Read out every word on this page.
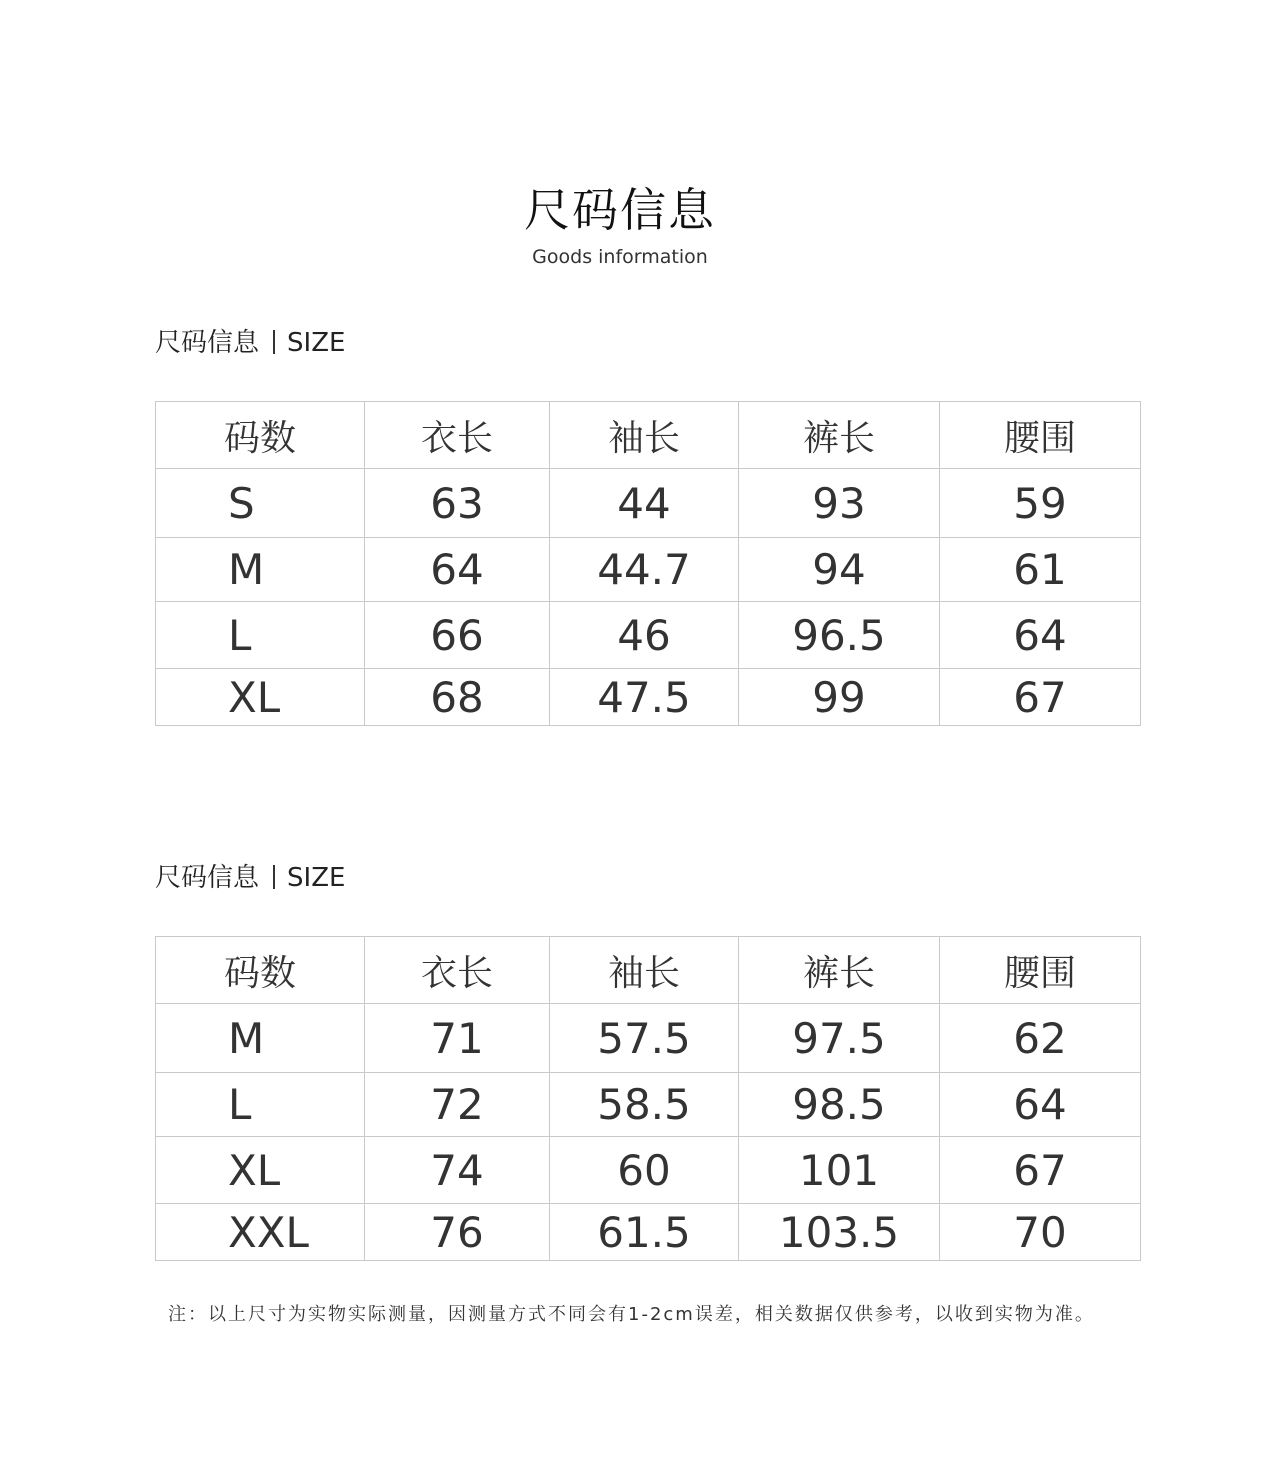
尺码信息
Goods information
尺码信息 SIZE
码数	衣长	袖长	裤长	腰围
S	63	44	93	59
M	64	44.7	94	61
L	66	46	96.5	64
XL	68	47.5	99	67
尺码信息 SIZE
码数	衣长	袖长	裤长	腰围
M	71	57.5	97.5	62
L	72	58.5	98.5	64
XL	74	60	101	67
XXL	76	61.5	103.5	70
注：以上尺寸为实物实际测量，因测量方式不同会有1-2cm误差，相关数据仅供参考，以收到实物为准。
